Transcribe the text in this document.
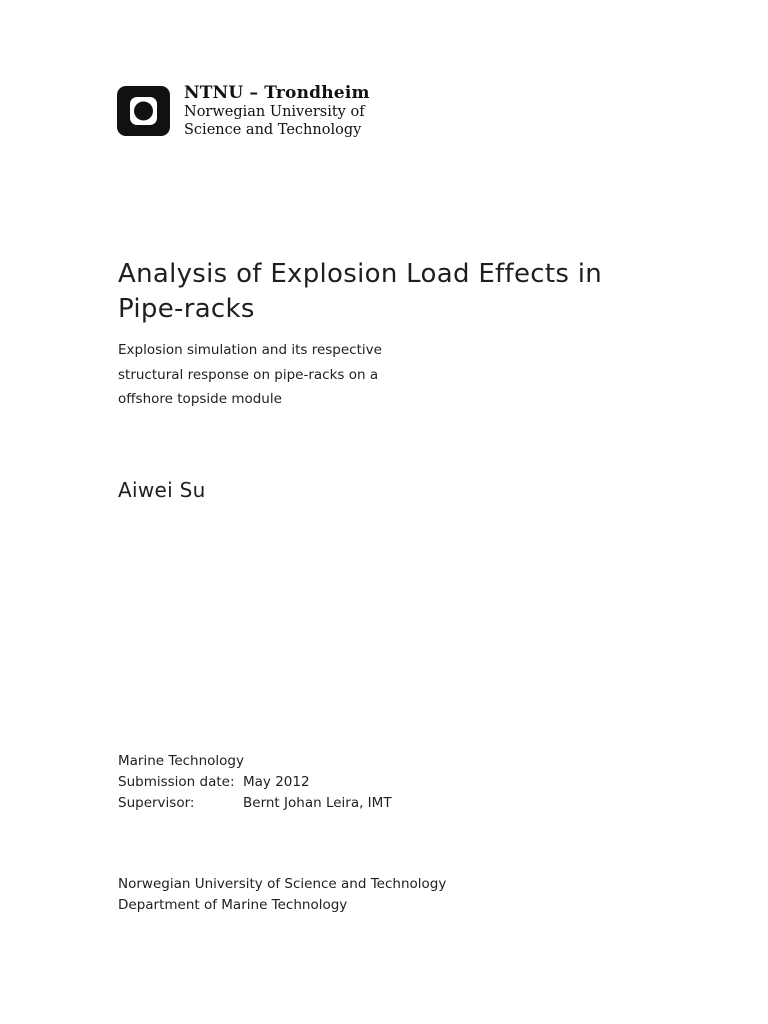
NTNU – Trondheim
Norwegian University of
Science and Technology
Analysis of Explosion Load Effects in Pipe-racks
Explosion simulation and its respective
structural response on pipe-racks on a
offshore topside module
Aiwei Su
Marine Technology
Submission date: May 2012
Supervisor:	Bernt Johan Leira, IMT
Norwegian University of Science and Technology
Department of Marine Technology
